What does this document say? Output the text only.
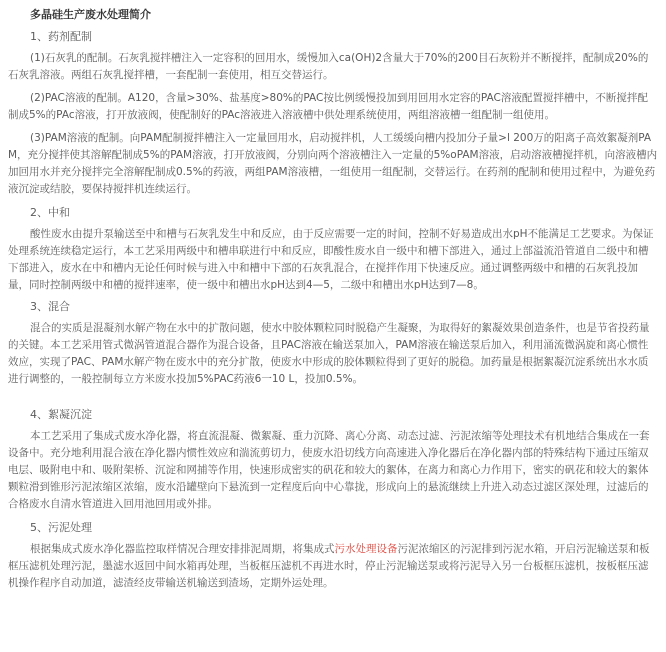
多晶硅生产废水处理简介
1、药剂配制

(1)石灰乳的配制。石灰乳搅拌槽注入一定容积的回用水，缓慢加入ca(OH)2含量大于70%的200目石灰粉并不断搅拌，配制成20%的石灰乳溶液。两组石灰乳搅拌槽，一套配制一套使用，相互交替运行。

(2)PAC溶液的配制。A120，含量>30%、盐基度>80%的PAC按比例缓慢投加到用回用水定容的PAC溶液配置搅拌槽中，不断搅拌配制成5%的PAc溶液，打开放液阀，使配制好的PAc溶液进入溶液槽中供处理系统使用，两组溶液槽一组配制一组使用。

(3)PAM溶液的配制。向PAM配制搅拌槽注入一定量回用水，启动搅拌机，人工缓缓向槽内投加分子量>l 200万的阳离子高效絮凝剂PAM，充分搅拌使其溶解配制成5%的PAM溶液，打开放液阀，分别向两个溶液槽注入一定量的5%oPAM溶液，启动溶液槽搅拌机，向溶液槽内加回用水并充分搅拌完全溶解配制成0.5%的药液，两组PAM溶液槽，一组使用一组配制，交替运行。在药剂的配制和使用过程中，为避免药液沉淀或结胶，要保持搅拌机连续运行。

2、中和

酸性废水由提升泵输送至中和槽与石灰乳发生中和反应，由于反应需要一定的时间，控制不好易造成出水pH不能满足工艺要求。为保证处理系统连续稳定运行，本工艺采用两级中和槽串联进行中和反应，即酸性废水自一级中和槽下部进入，通过上部溢流沿管道自二级中和槽下部进入，废水在中和槽内无论任何时候与进入中和槽中下部的石灰乳混合，在搅拌作用下快速反应。通过调整两级中和槽的石灰乳投加量，同时控制两级中和槽的搅拌速率，使一级中和槽出水pH达到4—5，二级中和槽出水pH达到7—8。

3、混合

混合的实质是混凝剂水解产物在水中的扩散问题，使水中胶体颗粒同时脱稳产生凝聚，为取得好的絮凝效果创造条件，也是节省投药量的关键。本工艺采用管式微涡管道混合器作为混合设备，且PAC溶液在输送泵加入，PAM溶液在输送泵后加入，利用涌流微涡旋和离心惯性效应，实现了PAC、PAM水解产物在废水中的充分扩散，使废水中形成的胶体颗粒得到了更好的脱稳。加药量是根据絮凝沉淀系统出水水质进行调整的，一般控制每立方米废水投加5%PAC药液6一10 L，投加0.5%。

4、絮凝沉淀

本工艺采用了集成式废水净化器，将直流混凝、微絮凝、重力沉降、离心分离、动态过滤、污泥浓缩等处理技术有机地结合集成在一套设备中。充分地利用混合液在净化器内惯性效应和湍流剪切力，使废水沿切线方向高速进入净化器后在净化器内部的特殊结构下通过压缩双电层、吸附电中和、吸附架桥、沉淀和网捕等作用，快速形成密实的矾花和较大的絮体，在离力和离心力作用下，密实的矾花和较大的絮体颗粒滑到锥形污泥浓缩区浓缩，废水沿罐壁向下悬流到一定程度后向中心靠拢，形成向上的悬流继续上升进入动态过滤区深处理，过滤后的合格废水自清水管道进入回用池回用或外排。

5、污泥处理

根据集成式废水净化器监控取样情况合理安排排泥周期，将集成式污水处理设备污泥浓缩区的污泥排到污泥水箱，开启污泥输送泵和板框压滤机处理污泥，墨滤水返回中间水箱再处理，当板框压滤机不再进水时，停止污泥输送泵或将污泥导入另一台板框压滤机，按板框压滤机操作程序自动加道，滤渣经皮带输送机输送到渣场，定期外运处理。
